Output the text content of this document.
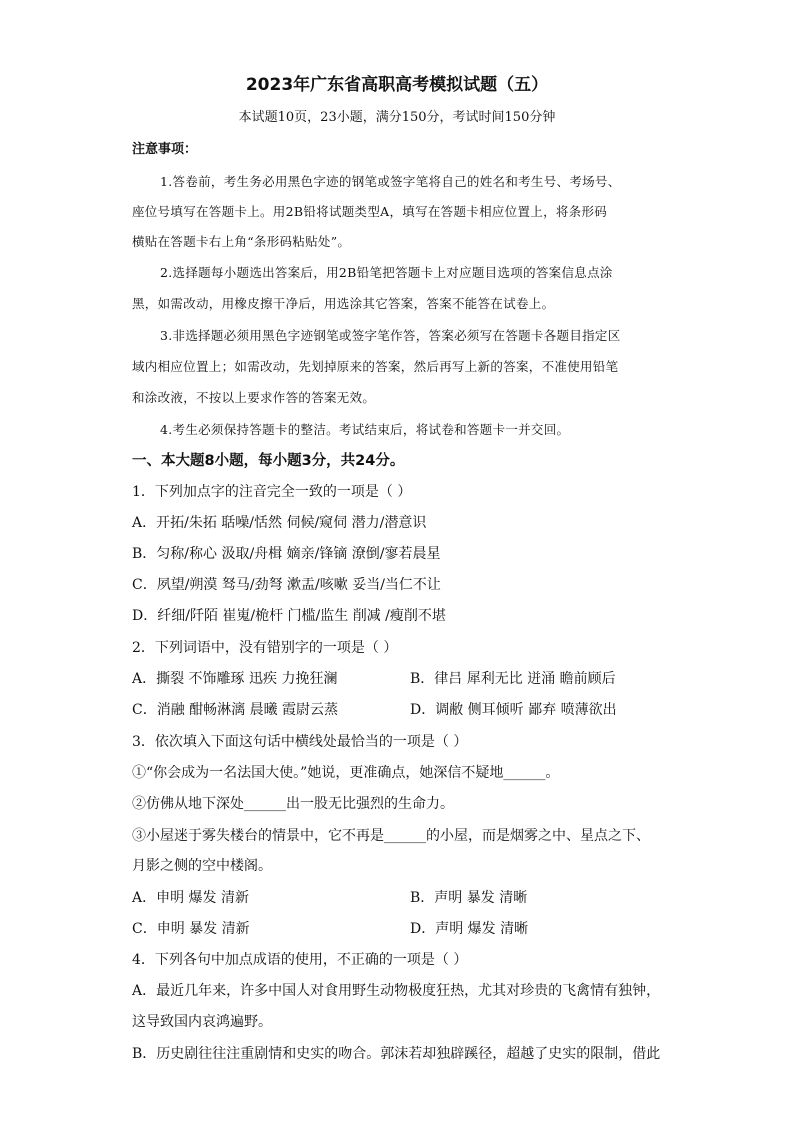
2023年广东省高职高考模拟试题（五）
本试题10页，23小题，满分150分，考试时间150分钟
注意事项：
1.答卷前，考生务必用黑色字迹的钢笔或签字笔将自己的姓名和考生号、考场号、
座位号填写在答题卡上。用2B铅将试题类型A，填写在答题卡相应位置上，将条形码
横贴在答题卡右上角“条形码粘贴处”。
2.选择题每小题选出答案后，用2B铅笔把答题卡上对应题目选项的答案信息点涂
黑，如需改动，用橡皮擦干净后，用选涂其它答案，答案不能答在试卷上。
3.非选择题必须用黑色字迹钢笔或签字笔作答，答案必须写在答题卡各题目指定区
域内相应位置上；如需改动，先划掉原来的答案，然后再写上新的答案，不准使用铅笔
和涂改液，不按以上要求作答的答案无效。
4.考生必须保持答题卡的整洁。考试结束后，将试卷和答题卡一并交回。
一、本大题8小题，每小题3分，共24分。
1．下列加点字的注音完全一致的一项是（ ）
A．开拓/朱拓 聒噪/恬然 伺候/窥伺 潜力/潜意识
B．匀称/称心 汲取/舟楫 嫡亲/锋镝 潦倒/寥若晨星
C．夙望/朔漠 驽马/劲弩 漱盂/咳嗽 妥当/当仁不让
D．纤细/阡陌 崔嵬/桅杆 门槛/监生 削减 /瘦削不堪
2．下列词语中，没有错别字的一项是（ ）
A．撕裂 不饰雕琢 迅疾 力挽狂澜	B．律吕 犀利无比 迸涌 瞻前顾后
C．消融 酣畅淋漓 晨曦 霞尉云蒸	D．调敝 侧耳倾听 鄙弃 喷薄欲出
3．依次填入下面这句话中横线处最恰当的一项是（ ）
①“你会成为一名法国大使。”她说，更准确点，她深信不疑地______。
②仿佛从地下深处______出一股无比强烈的生命力。
③小屋迷于雾失楼台的情景中，它不再是______的小屋，而是烟雾之中、星点之下、
月影之侧的空中楼阁。
A．申明 爆发 清新	B．声明 暴发 清晰
C．申明 暴发 清新	D．声明 爆发 清晰
4．下列各句中加点成语的使用，不正确的一项是（ ）
A．最近几年来，许多中国人对食用野生动物极度狂热，尤其对珍贵的飞禽情有独钟，
这导致国内哀鸿遍野。
B．历史剧往往注重剧情和史实的吻合。郭沫若却独辟蹊径，超越了史实的限制，借此
